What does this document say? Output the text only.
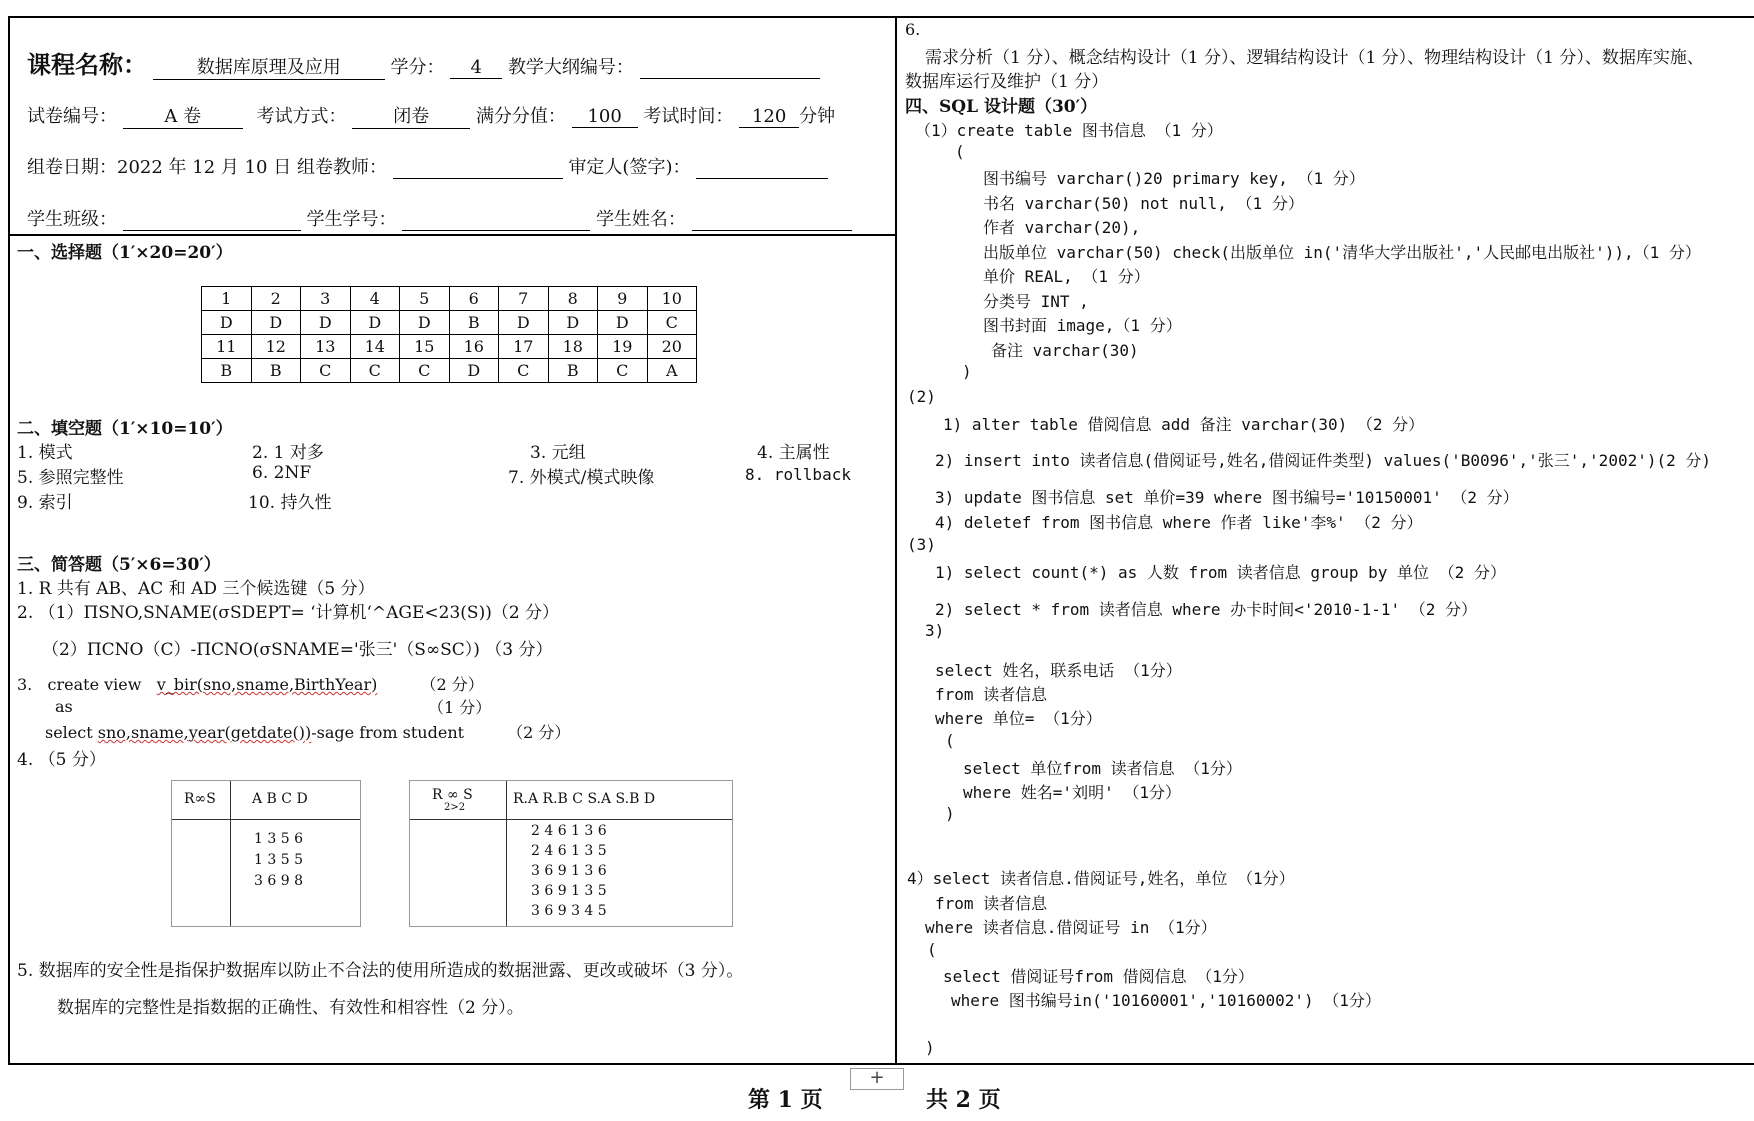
课程名称：	数据库原理及应用	学分： 4 教学大纲编号：
试卷编号：	A 卷	考试方式：	闭卷	满分分值： 100 考试时间： 120 分钟
组卷日期：2022 年 12 月 10 日 组卷教师：	审定人(签字)：
学生班级：	学生学号：	学生姓名：
一、选择题（1′×20=20′）
1	2	3	4	5	6	7	8	9	10
D	D	D	D	D	B	D	D	D	C
11	12	13	14	15	16	17	18	19	20
B	B	C	C	C	D	C	B	C	A
二、填空题（1′×10=10′）
1. 模式	2. 1 对多	3. 元组	4. 主属性
5. 参照完整性	6. 2NF	7. 外模式/模式映像	8. rollback
9. 索引	10. 持久性
三、简答题（5′×6=30′）
1. R 共有 AB、AC 和 AD 三个候选键（5 分）
2. （1）ΠSNO,SNAME(σSDEPT= ‘计算机‘^AGE<23(S))（2 分）
（2）ΠCNO（C）-ΠCNO(σSNAME='张三'（S∞SC）) （3 分）
3. create view v_bir(sno,sname,BirthYear)	（2 分）
as	（1 分）
select sno,sname,year(getdate())-sage from student	（2 分）
4. （5 分）
R∞S	A B C D
1 3 5 6
1 3 5 5
3 6 9 8
R ∞ S
2>2
R.A R.B C S.A S.B D
2 4 6 1 3 6
2 4 6 1 3 5
3 6 9 1 3 6
3 6 9 1 3 5
3 6 9 3 4 5
5. 数据库的安全性是指保护数据库以防止不合法的使用所造成的数据泄露、更改或破坏（3 分）。
数据库的完整性是指数据的正确性、有效性和相容性（2 分）。
6.
需求分析（1 分）、概念结构设计（1 分）、逻辑结构设计（1 分）、物理结构设计（1 分）、数据库实施、
数据库运行及维护（1 分）
四、SQL 设计题（30′）
（1）create table 图书信息 （1 分）
(
图书编号 varchar()20 primary key, （1 分）
书名 varchar(50) not null, （1 分）
作者 varchar(20),
出版单位 varchar(50) check(出版单位 in('清华大学出版社','人民邮电出版社')),（1 分）
单价 REAL, （1 分）
分类号 INT ,
图书封面 image,（1 分）
备注 varchar(30)
)
(2)
1) alter table 借阅信息 add 备注 varchar(30) （2 分）
2) insert into 读者信息(借阅证号,姓名,借阅证件类型) values('B0096','张三','2002')(2 分)
3) update 图书信息 set 单价=39 where 图书编号='10150001' （2 分）
4) deletef from 图书信息 where 作者 like'李%' （2 分）
(3)
1) select count(*) as 人数 from 读者信息 group by 单位 （2 分）
2) select * from 读者信息 where 办卡时间<'2010-1-1' （2 分）
3)
select 姓名，联系电话 （1分）
from 读者信息
where 单位= （1分）
(
select 单位from 读者信息 （1分）
where 姓名='刘明' （1分）
)
4）select 读者信息.借阅证号,姓名，单位 （1分）
from 读者信息
where 读者信息.借阅证号 in （1分）
(
select 借阅证号from 借阅信息 （1分）
where 图书编号in('10160001','10160002') （1分）
)
+
第 1 页	共 2 页
